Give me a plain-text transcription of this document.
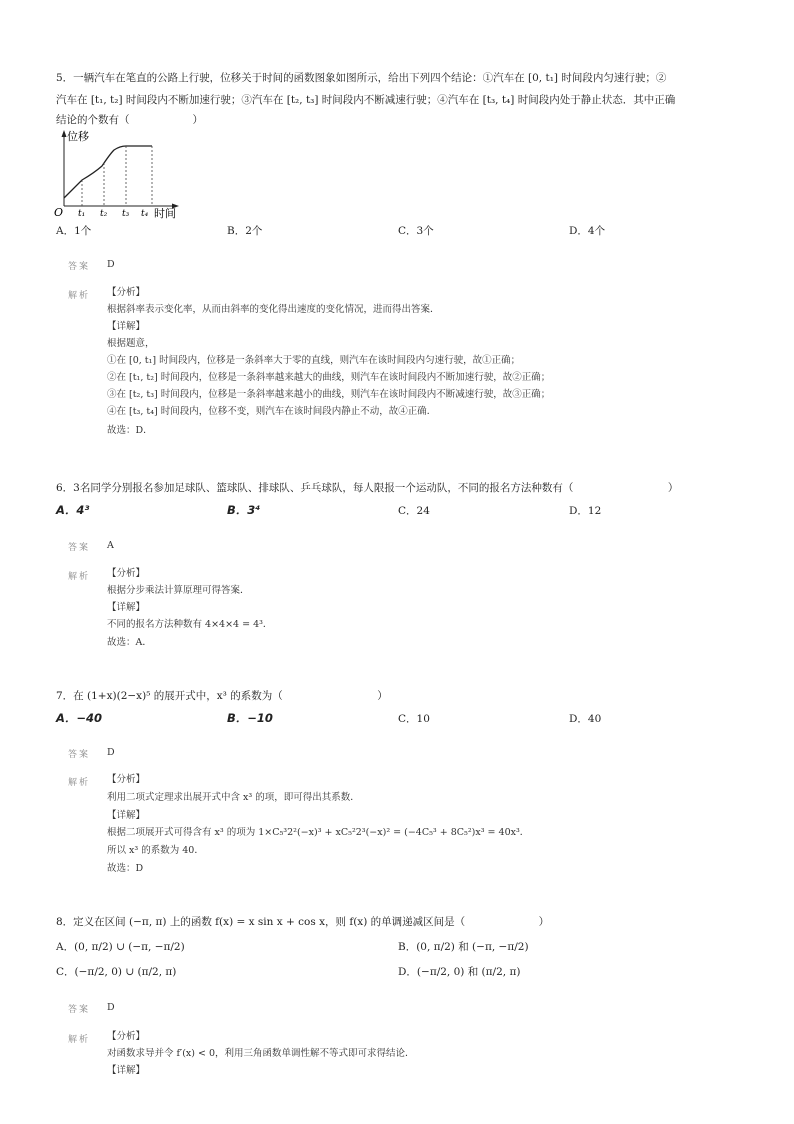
5．一辆汽车在笔直的公路上行驶，位移关于时间的函数图象如图所示，给出下列四个结论：①汽车在 [0, t₁] 时间段内匀速行驶；②
汽车在 [t₁, t₂] 时间段内不断加速行驶；③汽车在 [t₂, t₃] 时间段内不断减速行驶；④汽车在 [t₃, t₄] 时间段内处于静止状态．其中正确
结论的个数有（　　　　　　）
位移
O t₁ t₂ t₃ t₄ 时间
A．1个	B．2个	C．3个	D．4个
答案 D
解析 【分析】
根据斜率表示变化率，从而由斜率的变化得出速度的变化情况，进而得出答案．
【详解】
根据题意，
①在 [0, t₁] 时间段内，位移是一条斜率大于零的直线，则汽车在该时间段内匀速行驶，故①正确；
②在 [t₁, t₂] 时间段内，位移是一条斜率越来越大的曲线，则汽车在该时间段内不断加速行驶，故②正确；
③在 [t₂, t₃] 时间段内，位移是一条斜率越来越小的曲线，则汽车在该时间段内不断减速行驶，故③正确；
④在 [t₃, t₄] 时间段内，位移不变，则汽车在该时间段内静止不动，故④正确．
故选：D．
6．3名同学分别报名参加足球队、篮球队、排球队、乒乓球队，每人限报一个运动队，不同的报名方法种数有（　　　　　　　　　）
A．4³	B．3⁴	C．24	D．12
答案 A
解析 【分析】
根据分步乘法计算原理可得答案．
【详解】
不同的报名方法种数有 4×4×4 = 4³．
故选：A．
7．在 (1+x)(2−x)⁵ 的展开式中，x³ 的系数为（　　　　　　　　　）
A．−40	B．−10	C．10	D．40
答案 D
解析 【分析】
利用二项式定理求出展开式中含 x³ 的项，即可得出其系数．
【详解】
根据二项展开式可得含有 x³ 的项为 1×C₅³2²(−x)³ + xC₅²2³(−x)² = (−4C₅³ + 8C₅²)x³ = 40x³．
所以 x³ 的系数为 40．
故选：D
8．定义在区间 (−π, π) 上的函数 f(x) = x sin x + cos x，则 f(x) 的单调递减区间是（　　　　　　　）
A．(0, π/2) ∪ (−π, −π/2)	B．(0, π/2) 和 (−π, −π/2)
C．(−π/2, 0) ∪ (π/2, π)	D．(−π/2, 0) 和 (π/2, π)
答案 D
解析 【分析】
对函数求导并令 f′(x) < 0，利用三角函数单调性解不等式即可求得结论．
【详解】
